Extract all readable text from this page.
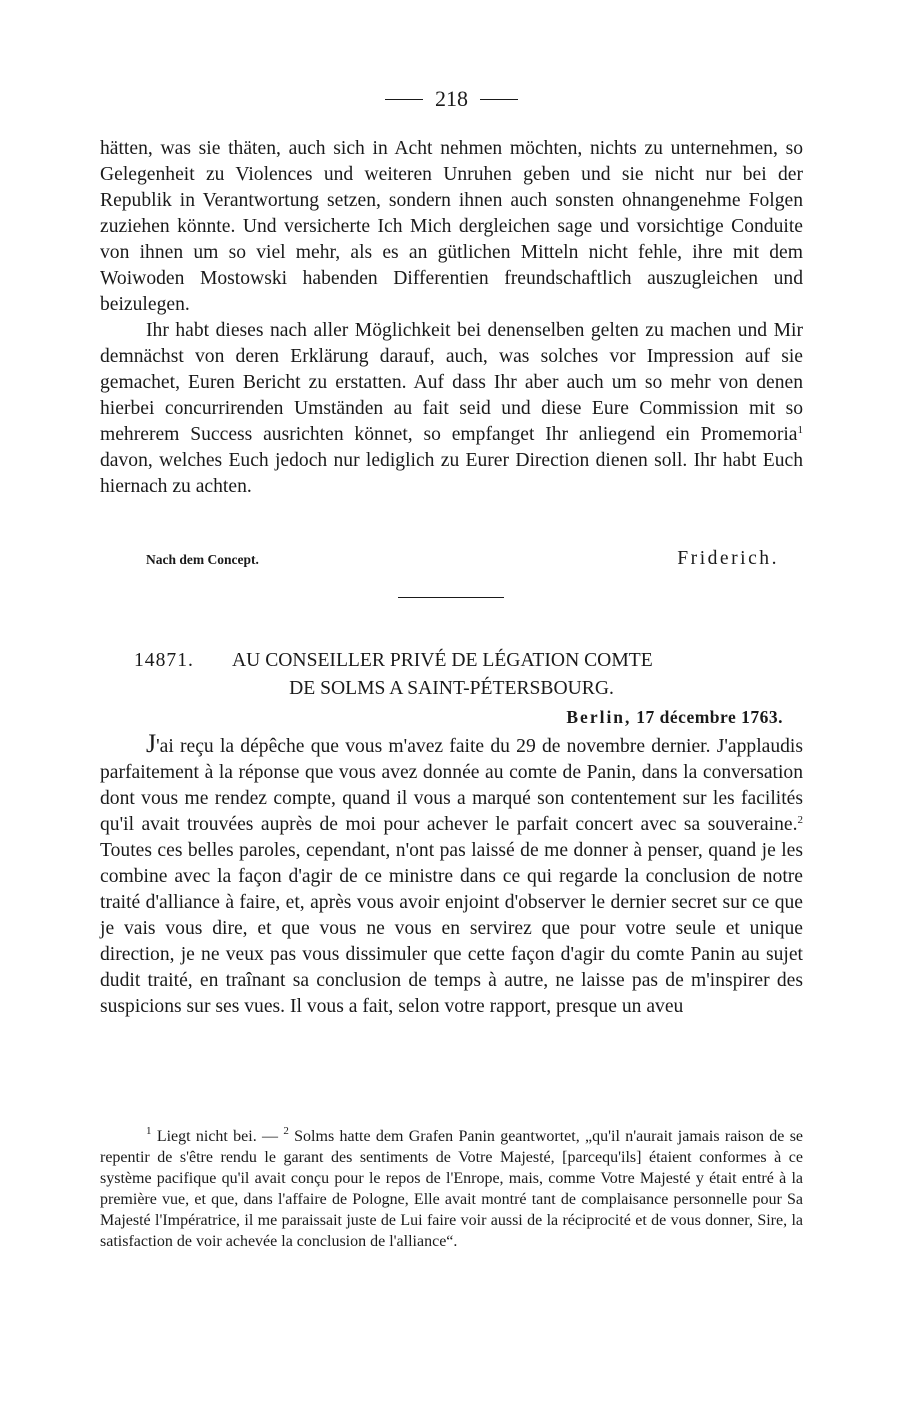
218

hätten, was sie thäten, auch sich in Acht nehmen möchten, nichts zu unternehmen, so Gelegenheit zu Violences und weiteren Unruhen geben und sie nicht nur bei der Republik in Verantwortung setzen, sondern ihnen auch sonsten ohnangenehme Folgen zuziehen könnte. Und versicherte Ich Mich dergleichen sage und vorsichtige Conduite von ihnen um so viel mehr, als es an gütlichen Mitteln nicht fehle, ihre mit dem Woiwoden Mostowski habenden Differentien freundschaftlich auszugleichen und beizulegen.

Ihr habt dieses nach aller Möglichkeit bei denenselben gelten zu machen und Mir demnächst von deren Erklärung darauf, auch, was solches vor Impression auf sie gemachet, Euren Bericht zu erstatten. Auf dass Ihr aber auch um so mehr von denen hierbei concurrirenden Umständen au fait seid und diese Eure Commission mit so mehrerem Success ausrichten könnet, so empfanget Ihr anliegend ein Promemoria$^1$ davon, welches Euch jedoch nur lediglich zu Eurer Direction dienen soll. Ihr habt Euch hiernach zu achten.

Nach dem Concept.	Friderich.
14871. AU CONSEILLER PRIVÉ DE LÉGATION COMTE
DE SOLMS A SAINT-PÉTERSBOURG.
Berlin, 17 décembre 1763.

J'ai reçu la dépêche que vous m'avez faite du 29 de novembre dernier. J'applaudis parfaitement à la réponse que vous avez donnée au comte de Panin, dans la conversation dont vous me rendez compte, quand il vous a marqué son contentement sur les facilités qu'il avait trouvées auprès de moi pour achever le parfait concert avec sa souveraine.$^2$ Toutes ces belles paroles, cependant, n'ont pas laissé de me donner à penser, quand je les combine avec la façon d'agir de ce ministre dans ce qui regarde la conclusion de notre traité d'alliance à faire, et, après vous avoir enjoint d'observer le dernier secret sur ce que je vais vous dire, et que vous ne vous en servirez que pour votre seule et unique direction, je ne veux pas vous dissimuler que cette façon d'agir du comte Panin au sujet dudit traité, en traînant sa conclusion de temps à autre, ne laisse pas de m'inspirer des suspicions sur ses vues. Il vous a fait, selon votre rapport, presque un aveu

$^1$ Liegt nicht bei. — $^2$ Solms hatte dem Grafen Panin geantwortet, „qu'il n'aurait jamais raison de se repentir de s'être rendu le garant des sentiments de Votre Majesté, [parcequ'ils] étaient conformes à ce système pacifique qu'il avait conçu pour le repos de l'Enrope, mais, comme Votre Majesté y était entré à la première vue, et que, dans l'affaire de Pologne, Elle avait montré tant de complaisance personnelle pour Sa Majesté l'Impératrice, il me paraissait juste de Lui faire voir aussi de la réciprocité et de vous donner, Sire, la satisfaction de voir achevée la conclusion de l'alliance“.
